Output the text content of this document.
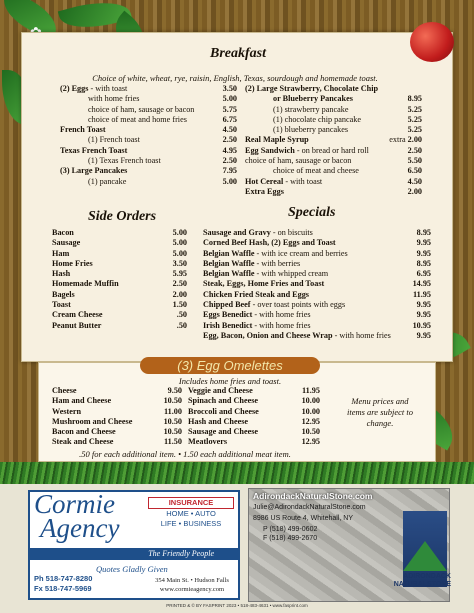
Breakfast
Choice of white, wheat, rye, raisin, English, Texas, sourdough and homemade toast.
(2) Eggs - with toast	3.50
with home fries	5.00
choice of ham, sausage or bacon	5.75
choice of meat and home fries	6.75
French Toast	4.50
(1) French toast	2.50
Texas French Toast	4.95
(1) Texas French toast	2.50
(3) Large Pancakes	7.95
(1) pancake	5.00
(2) Large Strawberry, Chocolate Chip
or Blueberry Pancakes	8.95
(1) strawberry pancake	5.25
(1) chocolate chip pancake	5.25
(1) blueberry pancakes	5.25
Real Maple Syrup	extra 2.00
Egg Sandwich - on bread or hard roll	2.50
choice of ham, sausage or bacon	5.50
choice of meat and cheese	6.50
Hot Cereal - with toast	4.50
Extra Eggs	2.00
Side Orders
Bacon	5.00
Sausage	5.00
Ham	5.00
Home Fries	3.50
Hash	5.95
Homemade Muffin	2.50
Bagels	2.00
Toast	1.50
Cream Cheese	.50
Peanut Butter	.50
Specials
Sausage and Gravy - on biscuits	8.95
Corned Beef Hash, (2) Eggs and Toast	9.95
Belgian Waffle - with ice cream and berries	9.95
Belgian Waffle - with berries	8.95
Belgian Waffle - with whipped cream	6.95
Steak, Eggs, Home Fries and Toast	14.95
Chicken Fried Steak and Eggs	11.95
Chipped Beef - over toast points with eggs	9.95
Eggs Benedict - with home fries	9.95
Irish Benedict - with home fries	10.95
Egg, Bacon, Onion and Cheese Wrap - with home fries	9.95
(3) Egg Omelettes
Includes home fries and toast.
Cheese	9.50
Ham and Cheese	10.50
Western	11.00
Mushroom and Cheese	10.50
Bacon and Cheese	10.50
Steak and Cheese	11.50
Veggie and Cheese	11.95
Spinach and Cheese	10.00
Broccoli and Cheese	10.00
Hash and Cheese	12.95
Sausage and Cheese	10.50
Meatlovers	12.95
.50 for each additional item. • 1.50 each additional meat item.
Menu prices and items are subject to change.
Cormie
Agency
INSURANCE
HOME • AUTO
LIFE • BUSINESS
The Friendly People
Quotes Gladly Given
Ph 518-747-8280
Fx 518-747-5969
354 Main St. • Hudson Falls
www.cormieagency.com
AdirondackNaturalStone.com
Julie@AdirondackNaturalStone.com
8986 US Route 4, Whitehall, NY
P (518) 499-0602
F (518) 499-2670
ADIRONDACK
NATURALSTONE
PRINTED & © BY FASPRINT 2023 • 518-483-4631 • www.fasprint.com
